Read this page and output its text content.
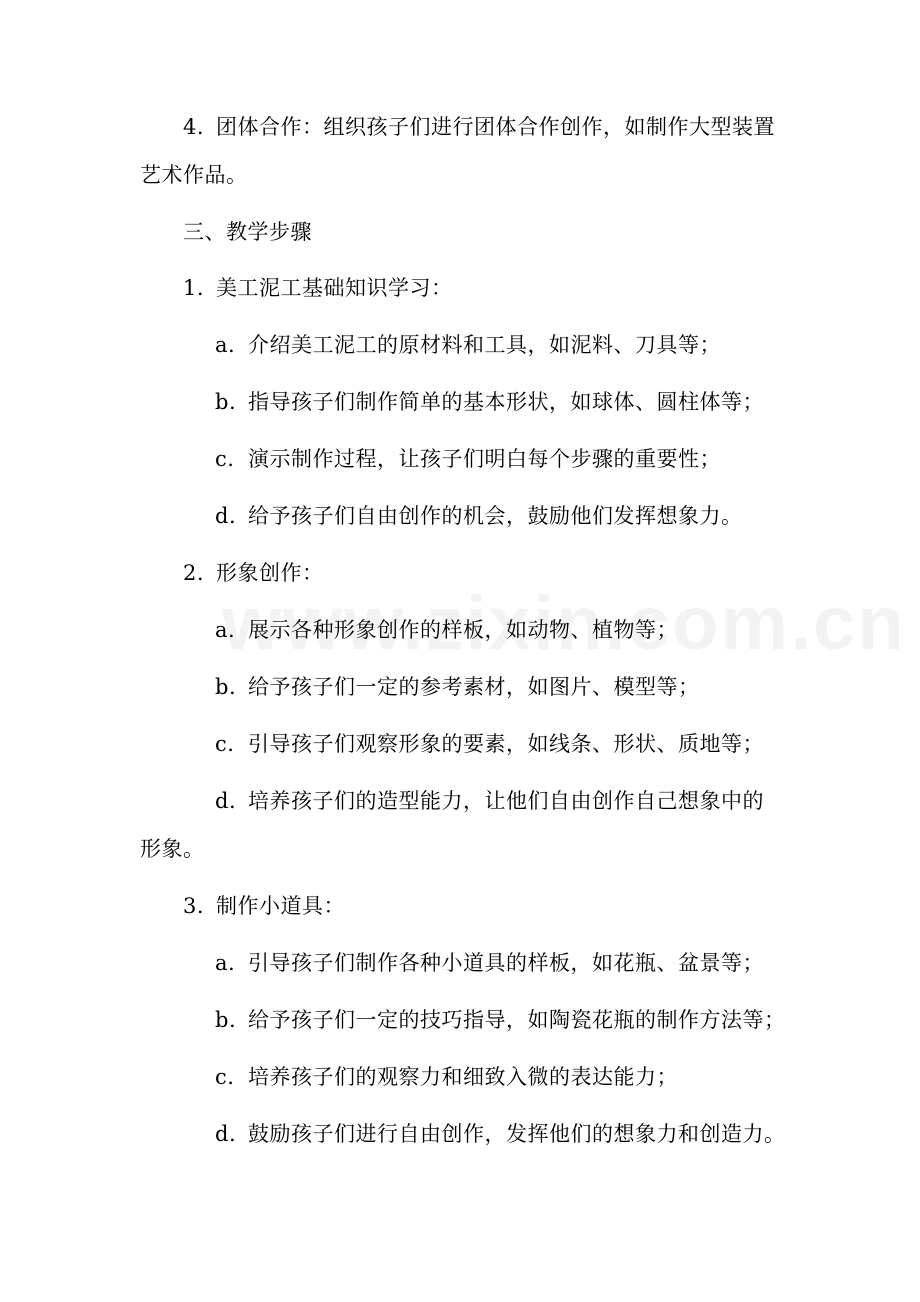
4. 团体合作：组织孩子们进行团体合作创作，如制作大型装置
艺术作品。
三、教学步骤
1. 美工泥工基础知识学习：
a. 介绍美工泥工的原材料和工具，如泥料、刀具等；
b. 指导孩子们制作简单的基本形状，如球体、圆柱体等；
c. 演示制作过程，让孩子们明白每个步骤的重要性；
d. 给予孩子们自由创作的机会，鼓励他们发挥想象力。
2. 形象创作：
a. 展示各种形象创作的样板，如动物、植物等；
b. 给予孩子们一定的参考素材，如图片、模型等；
c. 引导孩子们观察形象的要素，如线条、形状、质地等；
d. 培养孩子们的造型能力，让他们自由创作自己想象中的
形象。
3. 制作小道具：
a. 引导孩子们制作各种小道具的样板，如花瓶、盆景等；
b. 给予孩子们一定的技巧指导，如陶瓷花瓶的制作方法等；
c. 培养孩子们的观察力和细致入微的表达能力；
d. 鼓励孩子们进行自由创作，发挥他们的想象力和创造力。
